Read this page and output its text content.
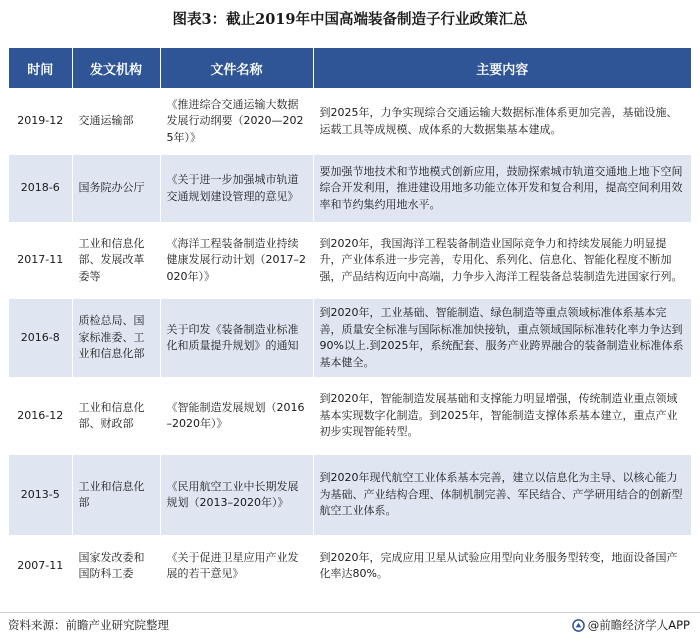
图表3：截止2019年中国高端装备制造子行业政策汇总
时间	发文机构	文件名称	主要内容
2019-12	交通运输部	《推进综合交通运输大数据发展行动纲要（2020—2025年）》	到2025年，力争实现综合交通运输大数据标准体系更加完善，基础设施、运载工具等成规模、成体系的大数据集基本建成。
2018-6	国务院办公厅	《关于进一步加强城市轨道交通规划建设管理的意见》	要加强节地技术和节地模式创新应用，鼓励探索城市轨道交通地上地下空间综合开发利用，推进建设用地多功能立体开发和复合利用，提高空间利用效率和节约集约用地水平。
2017-11	工业和信息化部、发展改革委等	《海洋工程装备制造业持续健康发展行动计划（2017–2020年）》	到2020年，我国海洋工程装备制造业国际竞争力和持续发展能力明显提升，产业体系进一步完善，专用化、系列化、信息化、智能化程度不断加强，产品结构迈向中高端，力争步入海洋工程装备总装制造先进国家行列。
2016-8	质检总局、国家标准委、工业和信息化部	关于印发《装备制造业标准化和质量提升规划》的通知	到2020年，工业基础、智能制造、绿色制造等重点领域标准体系基本完善，质量安全标准与国际标准加快接轨，重点领域国际标准转化率力争达到90%以上.到2025年，系统配套、服务产业跨界融合的装备制造业标准体系基本健全。
2016-12	工业和信息化部、财政部	《智能制造发展规划（2016–2020年）》	到2020年，智能制造发展基础和支撑能力明显增强，传统制造业重点领域基本实现数字化制造。到2025年，智能制造支撑体系基本建立，重点产业初步实现智能转型。
2013-5	工业和信息化部	《民用航空工业中长期发展规划（2013–2020年）》	到2020年现代航空工业体系基本完善，建立以信息化为主导、以核心能力为基础、产业结构合理、体制机制完善、军民结合、产学研用结合的创新型航空工业体系。
2007-11	国家发改委和国防科工委	《关于促进卫星应用产业发展的若干意见》	到2020年，完成应用卫星从试验应用型向业务服务型转变，地面设备国产化率达80%。
资料来源：前瞻产业研究院整理	@前瞻经济学人APP
